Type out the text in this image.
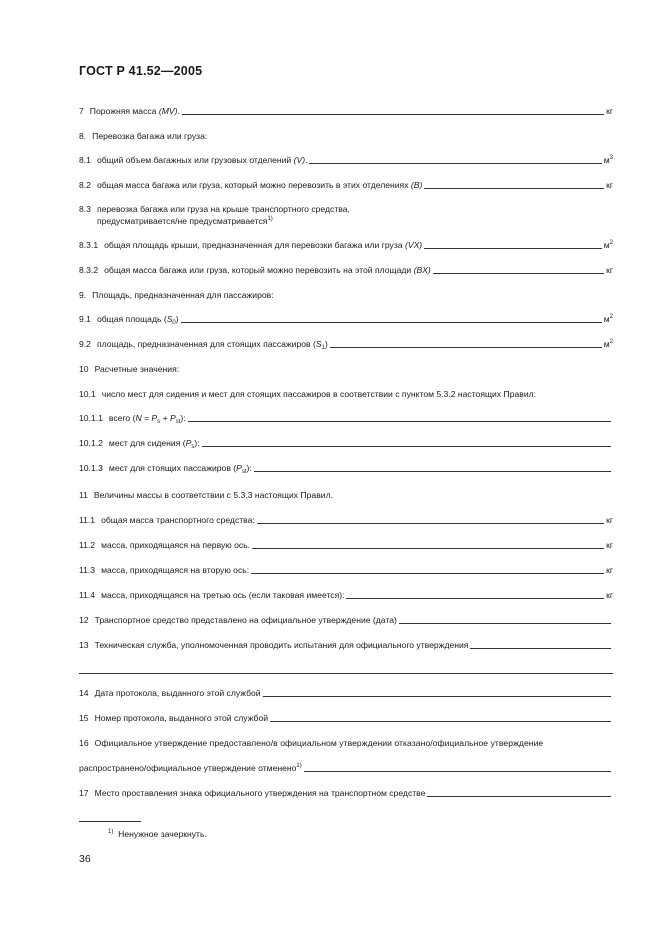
ГОСТ Р 41.52—2005
7 Порожняя масса (MV).	кг
8. Перевозка багажа или груза:
8.1 общий объем багажных или грузовых отделений (V).	$м^3$
8.2 общая масса багажа или груза, который можно перевозить в этих отделениях (B)	кг
8.3 перевозка багажа или груза на крыше транспортного средства,
предусматривается/не предусматривается$^{1)}$
8.3.1 общая площадь крыши, предназначенная для перевозки багажа или груза (VX)	$м^2$
8.3.2 общая масса багажа или груза, который можно перевозить на этой площади (BX)	кг
9. Площадь, предназначенная для пассажиров:
9.1 общая площадь $(S_0)$	$м^2$
9.2 площадь, предназначенная для стоящих пассажиров $(S_1)$	$м^2$
10 Расчетные значения:
10.1 число мест для сидения и мест для стоящих пассажиров в соответствии с пунктом 5.3.2 настоящих Правил:
10.1.1 всего $(N = P_s + P_{st})$:
10.1.2 мест для сидения $(P_s)$:
10.1.3 мест для стоящих пассажиров $(P_{st})$:
11 Величины массы в соответствии с 5.3.3 настоящих Правил.
11.1 общая масса транспортного средства:	кг
11.2 масса, приходящаяся на первую ось.	кг
11.3 масса, приходящаяся на вторую ось:	кг
11.4 масса, приходящаяся на третью ось (если таковая имеется):	кг
12 Транспортное средство представлено на официальное утверждение (дата)
13 Техническая служба, уполномоченная проводить испытания для официального утверждения
14 Дата протокола, выданного этой службой
15 Номер протокола, выданного этой службой
16 Официальное утверждение предоставлено/в официальном утверждении отказано/официальное утверждение
распространено/официальное утверждение отменено$^{1)}$
17 Место проставления знака официального утверждения на транспортном средстве
$^{1)}$ Ненужное зачеркнуть.
36
